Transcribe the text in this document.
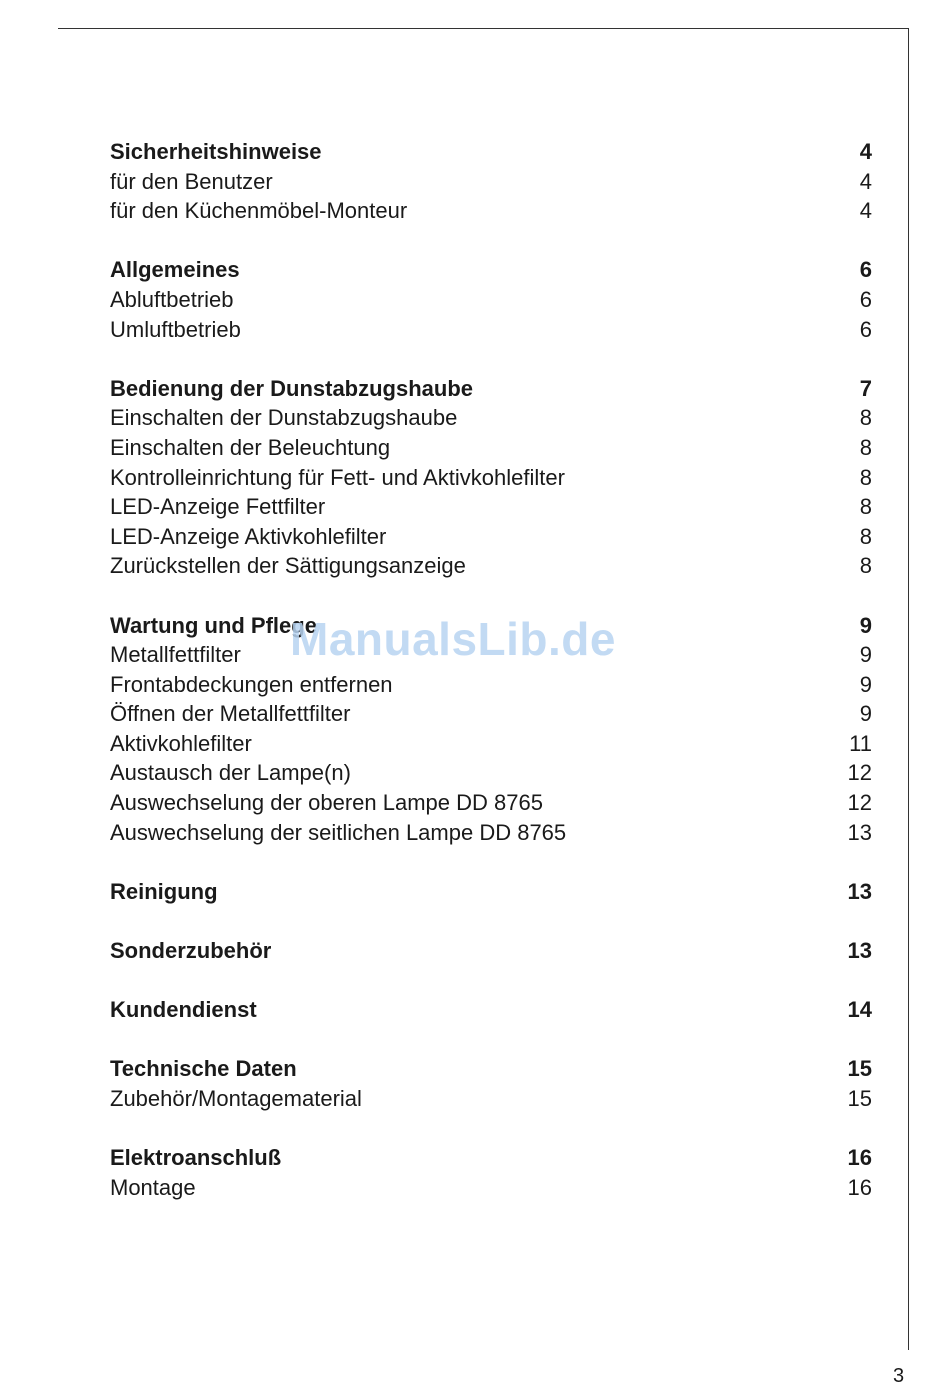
Sicherheitshinweise	4
für den Benutzer	4
für den Küchenmöbel-Monteur	4
Allgemeines	6
Abluftbetrieb	6
Umluftbetrieb	6
Bedienung der Dunstabzugshaube	7
Einschalten der Dunstabzugshaube	8
Einschalten der Beleuchtung	8
Kontrolleinrichtung für Fett- und Aktivkohlefilter	8
LED-Anzeige Fettfilter	8
LED-Anzeige Aktivkohlefilter	8
Zurückstellen der Sättigungsanzeige	8
Wartung und Pflege	9
Metallfettfilter	9
Frontabdeckungen entfernen	9
Öffnen der Metallfettfilter	9
Aktivkohlefilter	11
Austausch der Lampe(n)	12
Auswechselung der oberen Lampe DD 8765	12
Auswechselung der seitlichen Lampe DD 8765	13
Reinigung	13
Sonderzubehör	13
Kundendienst	14
Technische Daten	15
Zubehör/Montagematerial	15
Elektroanschluß	16
Montage	16
ManualsLib.de
3
